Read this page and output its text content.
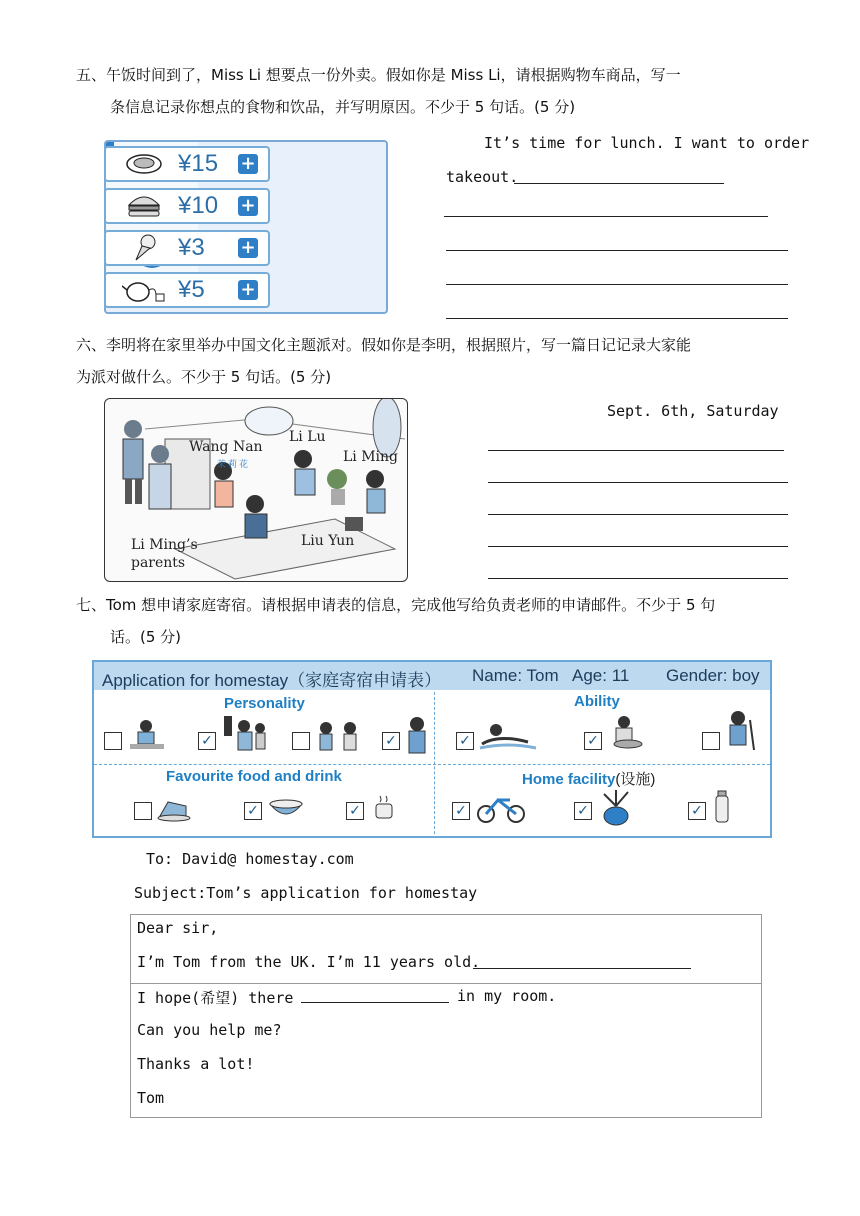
五、午饭时间到了，Miss Li 想要点一份外卖。假如你是 Miss Li，请根据购物车商品，写一
条信息记录你想点的食物和饮品，并写明原因。不少于 5 句话。(5 分)
¥15 +
¥10 +
¥3 +
¥5 +
It’s time for lunch. I want to order
takeout.
六、李明将在家里举办中国文化主题派对。假如你是李明，根据照片，写一篇日记记录大家能
为派对做什么。不少于 5 句话。(5 分)
Wang Nan
Li Lu
Li Ming
Li Ming’s
parents
Liu Yun
茉莉花
Sept. 6th, Saturday
七、Tom 想申请家庭寄宿。请根据申请表的信息，完成他写给负责老师的申请邮件。不少于 5 句
话。(5 分)
Application for homestay（家庭寄宿申请表） Name: Tom Age: 11 Gender: boy
Personality	Ability
Favourite food and drink	Home facility(设施)
✓	✓	✓	✓
✓	✓	✓	✓	✓
To: David@ homestay.com
Subject:Tom’s application for homestay
Dear sir,
I’m Tom from the UK. I’m 11 years old.
I hope(希望) there	in my room.
Can you help me?
Thanks a lot!
Tom
